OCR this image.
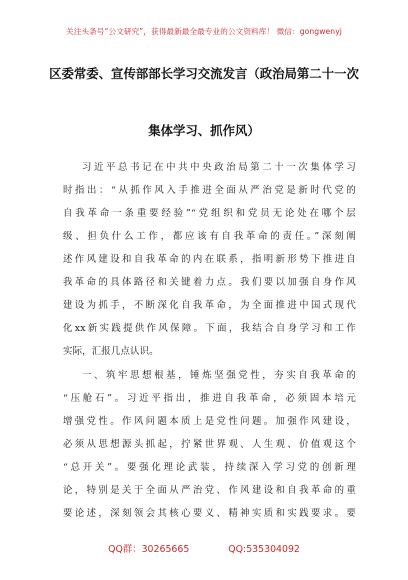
关注头条号“公文研究”，获得最新最全最专业的公文资料库！ 微信：gongwenyj
区委常委、宣传部部长学习交流发言（政治局第二十一次
集体学习、抓作风）
习近平总书记在中共中央政治局第二十一次集体学习
时指出：“从抓作风入手推进全面从严治党是新时代党的
自我革命一条重要经验”“党组织和党员无论处在哪个层
级、担负什么工作，都应该有自我革命的责任。”深刻阐
述作风建设和自我革命的内在联系，指明新形势下推进自
我革命的具体路径和关键着力点。我们要以加强自身作风
建设为抓手，不断深化自我革命，为全面推进中国式现代
化xx新实践提供作风保障。下面，我结合自身学习和工作
实际，汇报几点认识。
一、筑牢思想根基，锤炼坚强党性，夯实自我革命的
“压舱石”。习近平指出，推进自我革命，必须固本培元
增强党性。作风问题本质上是党性问题。加强作风建设，
必须从思想源头抓起，拧紧世界观、人生观、价值观这个
“总开关”。要强化理论武装，持续深入学习党的创新理
论，特别是关于全面从严治党、作风建设和自我革命的重
要论述，深刻领会其核心要义、精神实质和实践要求。要
QQ群：30265665	QQ:535304092
